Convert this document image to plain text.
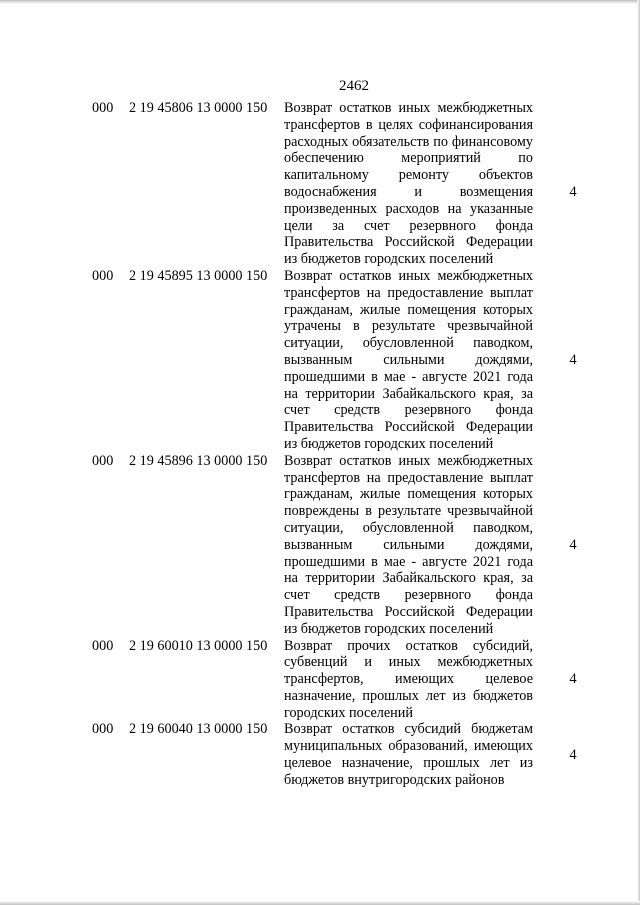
2462
000 2 19 45806 13 0000 150 Возврат остатков иных межбюджетных трансфертов в целях софинансирования расходных обязательств по финансовому обеспечению мероприятий по капитальному ремонту объектов водоснабжения и возмещения произведенных расходов на указанные цели за счет резервного фонда Правительства Российской Федерации из бюджетов городских поселений
4
000 2 19 45895 13 0000 150 Возврат остатков иных межбюджетных трансфертов на предоставление выплат гражданам, жилые помещения которых утрачены в результате чрезвычайной ситуации, обусловленной паводком, вызванным сильными дождями, прошедшими в мае - августе 2021 года на территории Забайкальского края, за счет средств резервного фонда Правительства Российской Федерации из бюджетов городских поселений
4
000 2 19 45896 13 0000 150 Возврат остатков иных межбюджетных трансфертов на предоставление выплат гражданам, жилые помещения которых повреждены в результате чрезвычайной ситуации, обусловленной паводком, вызванным сильными дождями, прошедшими в мае - августе 2021 года на территории Забайкальского края, за счет средств резервного фонда Правительства Российской Федерации из бюджетов городских поселений
4
000 2 19 60010 13 0000 150 Возврат прочих остатков субсидий, субвенций и иных межбюджетных трансфертов, имеющих целевое назначение, прошлых лет из бюджетов городских поселений
4
000 2 19 60040 13 0000 150 Возврат остатков субсидий бюджетам муниципальных образований, имеющих целевое назначение, прошлых лет из бюджетов внутригородских районов
4
